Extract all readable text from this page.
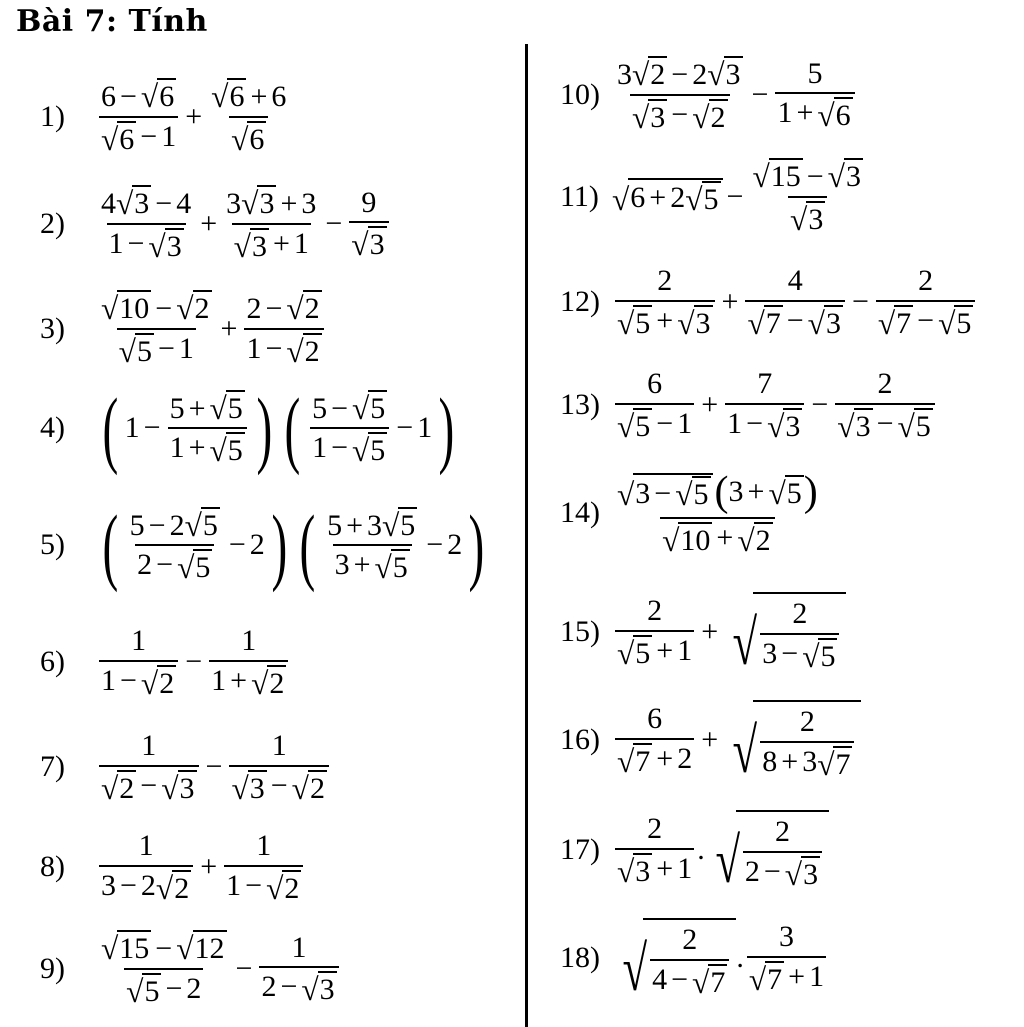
Bài 7: Tính
1)	$\frac{6 - √ 6}{√ 6 - 1} + \frac{√ 6 + 6}{√ 6}$
2)	$\frac{4 √ 3 - 4}{1 - √ 3} + \frac{3 √ 3 + 3}{√ 3 + 1} - \frac{9}{√ 3}$
3)	$\frac{√ 10 - √ 2}{√ 5 - 1} + \frac{2 - √ 2}{1 - √ 2}$
4) ( $1 - \frac{5 + √ 5}{1 + √ 5}$ ) ( $\frac{5 - √ 5}{1 - √ 5} - 1$ )
5) ( $\frac{5 - 2 √ 5}{2 - √ 5} - 2$ ) ( $\frac{5 + 3 √ 5}{3 + √ 5} - 2$ )
6)	$\frac{1}{1 - √ 2} - \frac{1}{1 + √ 2}$
7)	$\frac{1}{√ 2 - √ 3} - \frac{1}{√ 3 - √ 2}$
8)	$\frac{1}{3 - 2 √ 2} + \frac{1}{1 - √ 2}$
9)	$\frac{√ 15 - √ 12}{√ 5 - 2} - \frac{1}{2 - √ 3}$
$10) \frac{3 √ 2 - 2 √ 3}{√ 3 - √ 2} - \frac{5}{1 + √ 6}$
11) √ 6 + 2 √ $5 - \frac{√ 15 - √ 3}{√ 3}$
$12) \frac{2}{√ 5 + √ 3} + \frac{4}{√ 7 - √ 3} - \frac{2}{√ 7 - √ 5}$
$13) \frac{6}{√ 5 - 1} + \frac{7}{1 - √ 3} - \frac{2}{√ 3 - √ 5}$
$14) \frac{√ 3 - √ 5 ( 3 + √ 5 )}{√ 10 + √ 2}$
$15) \frac{2}{√ 5 + 1}$ + √ $\frac{2}{3 - √ 5}$
$16) \frac{6}{√ 7 + 2}$ + √ $\frac{2}{8 + 3 √ 7}$
$17) \frac{2}{√ 3 + 1}$ . √ $\frac{2}{2 - √ 3}$
18) √ $\frac{2}{4 - √ 7}$ . $\frac{3}{√ 7 + 1}$
